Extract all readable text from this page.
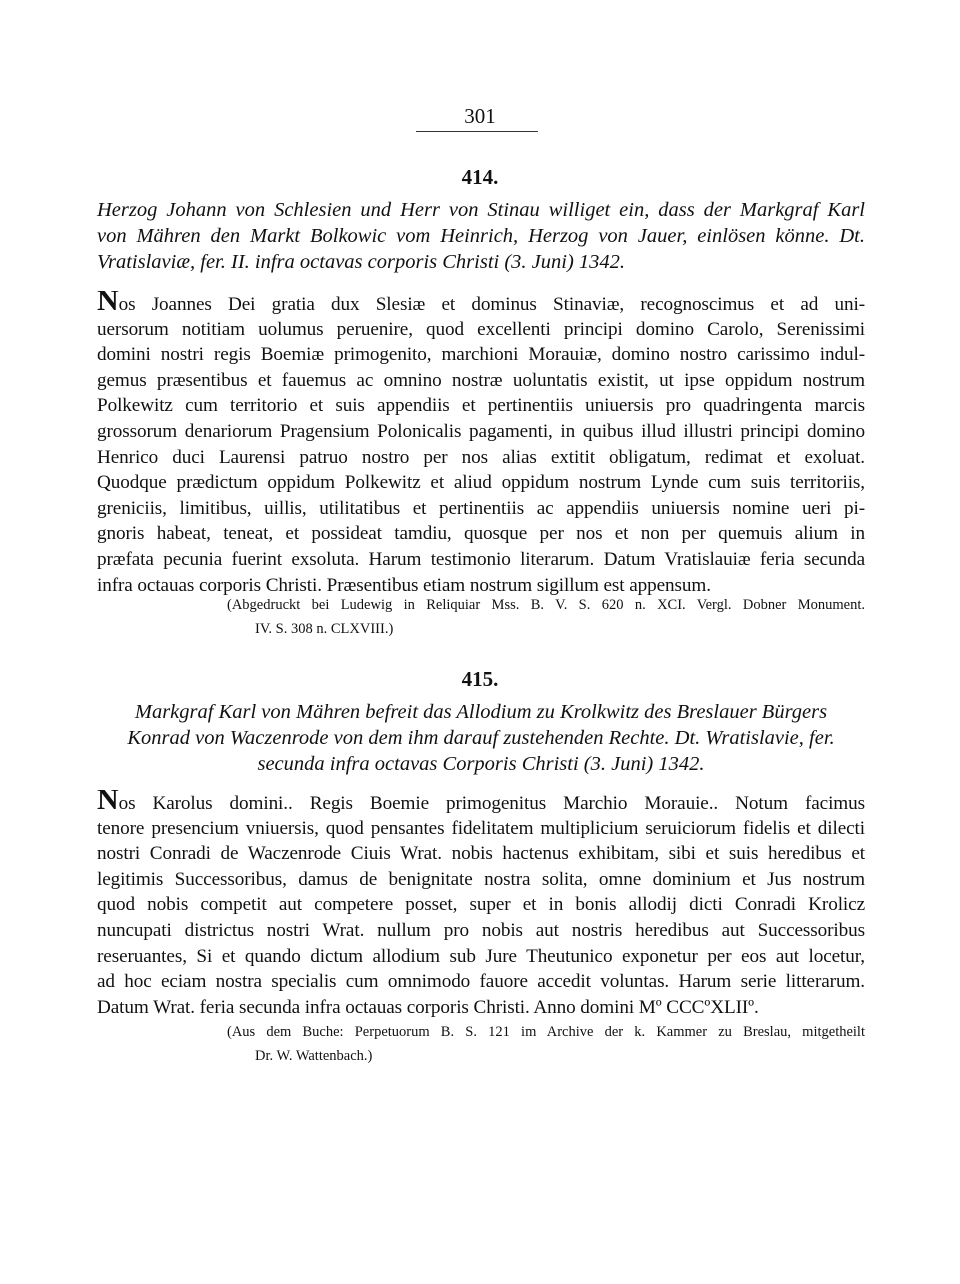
301
414.
Herzog Johann von Schlesien und Herr von Stinau williget ein, dass der Markgraf Karl
von Mähren den Markt Bolkowic vom Heinrich, Herzog von Jauer, einlösen könne. Dt.
Vratislaviæ, fer. II. infra octavas corporis Christi (3. Juni) 1342.
Nos Joannes Dei gratia dux Slesiæ et dominus Stinaviæ, recognoscimus et ad uni-
uersorum notitiam uolumus peruenire, quod excellenti principi domino Carolo, Serenissimi
domini nostri regis Boemiæ primogenito, marchioni Morauiæ, domino nostro carissimo indul-
gemus præsentibus et fauemus ac omnino nostræ uoluntatis existit, ut ipse oppidum nostrum
Polkewitz cum territorio et suis appendiis et pertinentiis uniuersis pro quadringenta marcis
grossorum denariorum Pragensium Polonicalis pagamenti, in quibus illud illustri principi domino
Henrico duci Laurensi patruo nostro per nos alias extitit obligatum, redimat et exoluat.
Quodque prædictum oppidum Polkewitz et aliud oppidum nostrum Lynde cum suis territoriis,
greniciis, limitibus, uillis, utilitatibus et pertinentiis ac appendiis uniuersis nomine ueri pi-
gnoris habeat, teneat, et possideat tamdiu, quosque per nos et non per quemuis alium in
præfata pecunia fuerint exsoluta. Harum testimonio literarum. Datum Vratislauiæ feria secunda
infra octauas corporis Christi. Præsentibus etiam nostrum sigillum est appensum.
(Abgedruckt bei Ludewig in Reliquiar Mss. B. V. S. 620 n. XCI. Vergl. Dobner Monument.
IV. S. 308 n. CLXVIII.)
415.
Markgraf Karl von Mähren befreit das Allodium zu Krolkwitz des Breslauer Bürgers
Konrad von Waczenrode von dem ihm darauf zustehenden Rechte. Dt. Wratislavie, fer.
secunda infra octavas Corporis Christi (3. Juni) 1342.
Nos Karolus domini.. Regis Boemie primogenitus Marchio Morauie.. Notum facimus
tenore presencium vniuersis, quod pensantes fidelitatem multiplicium seruiciorum fidelis et dilecti
nostri Conradi de Waczenrode Ciuis Wrat. nobis hactenus exhibitam, sibi et suis heredibus et
legitimis Successoribus, damus de benignitate nostra solita, omne dominium et Jus nostrum
quod nobis competit aut competere posset, super et in bonis allodij dicti Conradi Krolicz
nuncupati districtus nostri Wrat. nullum pro nobis aut nostris heredibus aut Successoribus
reseruantes, Si et quando dictum allodium sub Jure Theutunico exponetur per eos aut locetur,
ad hoc eciam nostra specialis cum omnimodo fauore accedit voluntas. Harum serie litterarum.
Datum Wrat. feria secunda infra octauas corporis Christi. Anno domini Mº CCCºXLIIº.
(Aus dem Buche: Perpetuorum B. S. 121 im Archive der k. Kammer zu Breslau, mitgetheilt
Dr. W. Wattenbach.)
